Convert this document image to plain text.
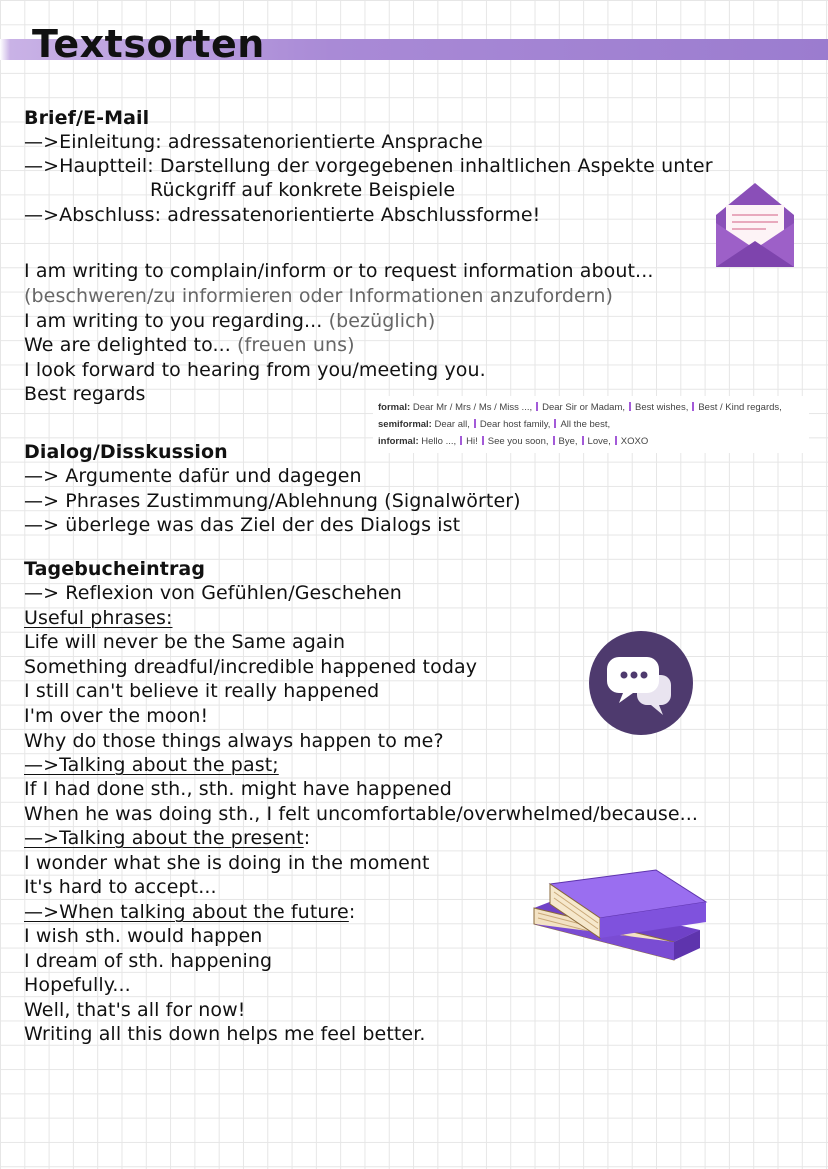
Textsorten
Brief/E-Mail
—>Einleitung: adressatenorientierte Ansprache
—>Hauptteil: Darstellung der vorgegebenen inhaltlichen Aspekte unter
Rückgriff auf konkrete Beispiele
—>Abschluss: adressatenorientierte Abschlussforme!
I am writing to complain/inform or to request information about...
(beschweren/zu informieren oder Informationen anzufordern)
I am writing to you regarding... (bezüglich)
We are delighted to... (freuen uns)
I look forward to hearing from you/meeting you.
Best regards
formal: Dear Mr / Mrs / Ms / Miss ..., Dear Sir or Madam, Best wishes, Best / Kind regards,
semiformal: Dear all, Dear host family, All the best,
informal: Hello ..., Hi! See you soon, Bye, Love, XOXO
Dialog/Disskussion
—> Argumente dafür und dagegen
—> Phrases Zustimmung/Ablehnung (Signalwörter)
—> überlege was das Ziel der des Dialogs ist
Tagebucheintrag
—> Reflexion von Gefühlen/Geschehen
Useful phrases:
Life will never be the Same again
Something dreadful/incredible happened today
I still can't believe it really happened
I'm over the moon!
Why do those things always happen to me?
—>Talking about the past;
If I had done sth., sth. might have happened
When he was doing sth., I felt uncomfortable/overwhelmed/because...
—>Talking about the present:
I wonder what she is doing in the moment
It's hard to accept...
—>When talking about the future:
I wish sth. would happen
I dream of sth. happening
Hopefully...
Well, that's all for now!
Writing all this down helps me feel better.
